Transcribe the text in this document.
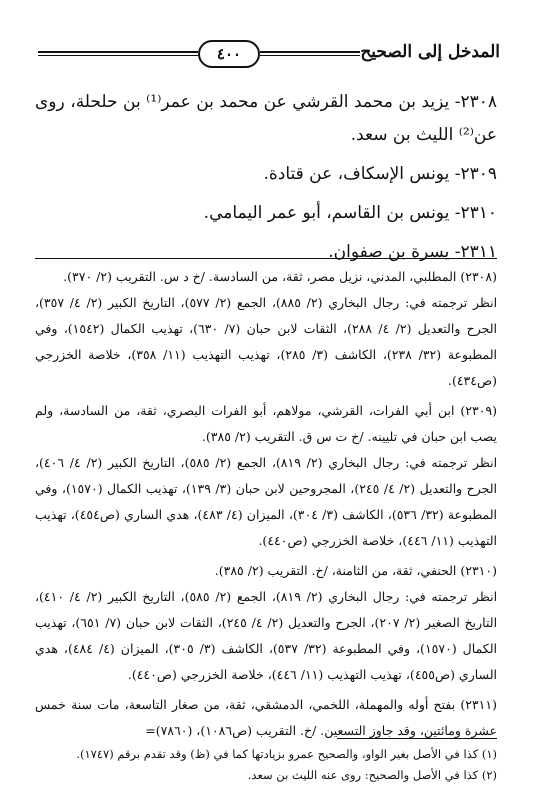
المدخل إلى الصحيح
٤٠٠
٢٣٠٨- يزيد بن محمد القرشي عن محمد بن عمر⁽¹⁾ بن حلحلة، روى عن⁽²⁾ الليث بن سعد.
٢٣٠٩- يونس الإسكاف، عن قتادة.
٢٣١٠- يونس بن القاسم، أبو عمر اليمامي.
٢٣١١- يسرة بن صفوان.

(٢٣٠٨) المطلبي، المدني، نزيل مصر، ثقة، من السادسة. /خ د س. التقريب (٢/ ٣٧٠).

انظر ترجمته في: رجال البخاري (٢/ ٨٨٥)، الجمع (٢/ ٥٧٧)، التاريخ الكبير (٢/ ٤/ ٣٥٧)، الجرح والتعديل (٢/ ٤/ ٢٨٨)، الثقات لابن حبان (٧/ ٦٣٠)، تهذيب الكمال (١٥٤٢)، وفي المطبوعة (٣٢/ ٢٣٨)، الكاشف (٣/ ٢٨٥)، تهذيب التهذيب (١١/ ٣٥٨)، خلاصة الخزرجي (ص٤٣٤).

(٢٣٠٩) ابن أبي الفرات، القرشي، مولاهم، أبو الفرات البصري، ثقة، من السادسة، ولم يصب ابن حبان في تليينه. /خ ت س ق. التقريب (٢/ ٣٨٥).

انظر ترجمته في: رجال البخاري (٢/ ٨١٩)، الجمع (٢/ ٥٨٥)، التاريخ الكبير (٢/ ٤/ ٤٠٦)، الجرح والتعديل (٢/ ٤/ ٢٤٥)، المجروحين لابن حبان (٣/ ١٣٩)، تهذيب الكمال (١٥٧٠)، وفي المطبوعة (٣٢/ ٥٣٦)، الكاشف (٣/ ٣٠٤)، الميزان (٤/ ٤٨٣)، هدي الساري (ص٤٥٤)، تهذيب التهذيب (١١/ ٤٤٦)، خلاصة الخزرجي (ص٤٤٠).

(٢٣١٠) الحنفي، ثقة، من الثامنة، /خ. التقريب (٢/ ٣٨٥).

انظر ترجمته في: رجال البخاري (٢/ ٨١٩)، الجمع (٢/ ٥٨٥)، التاريخ الكبير (٢/ ٤/ ٤١٠)، التاريخ الصغير (٢/ ٢٠٧)، الجرح والتعديل (٢/ ٤/ ٢٤٥)، الثقات لابن حبان (٧/ ٦٥١)، تهذيب الكمال (١٥٧٠)، وفي المطبوعة (٣٢/ ٥٣٧)، الكاشف (٣/ ٣٠٥)، الميزان (٤/ ٤٨٤)، هدي الساري (ص٤٥٥)، تهذيب التهذيب (١١/ ٤٤٦)، خلاصة الخزرجي (ص٤٤٠).

(٢٣١١) بفتح أوله والمهملة، اللخمي، الدمشقي، ثقة، من صغار التاسعة، مات سنة خمس عشرة ومائتين، وقد جاوز التسعين. /خ. التقريب (ص١٠٨٦)، (٧٨٦٠)=

(١) كذا في الأصل بغير الواو، والصحيح عمرو بزيادتها كما في (ظ) وقد تقدم برقم (١٧٤٧).

(٢) كذا في الأصل والصحيح: روى عنه الليث بن سعد.
